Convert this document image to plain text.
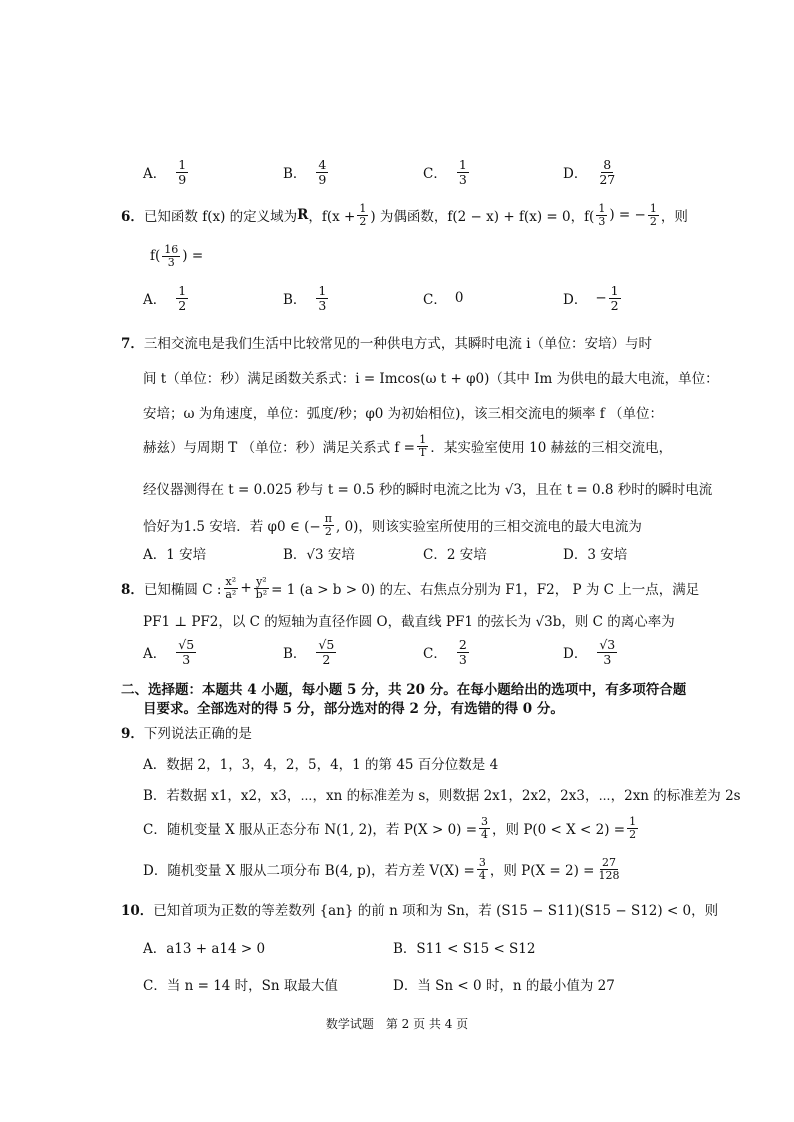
A． $\frac{1}{9}$	B． $\frac{4}{9}$	C． $\frac{1}{3}$	D． $\frac{8}{27}$
6． 已知函数 f(x) 的定义域为 R ，$f(x + \frac{1}{2}$ ) 为偶函数，f(2 − x) + f(x) = 0，$f( \frac{1}{3}$ ) = − $\frac{1}{2}$ ，则
$f( \frac{16}{3}$ ) =
A． $\frac{1}{2}$	B． $\frac{1}{3}$	C． 0	D． − $\frac{1}{2}$
7．三相交流电是我们生活中比较常见的一种供电方式，其瞬时电流 i（单位：安培）与时
间 t（单位：秒）满足函数关系式：i = Imcos(ω t + φ0)（其中 Im 为供电的最大电流，单位：
安培；ω 为角速度，单位：弧度/秒；φ0 为初始相位)，该三相交流电的频率 f （单位：
赫兹）与周期 T （单位：秒）满足关系式 $f = \frac{1}{T}$ ．某实验室使用 10 赫兹的三相交流电，
经仪器测得在 t = 0.025 秒与 t = 0.5 秒的瞬时电流之比为 √3，且在 t = 0.8 秒时的瞬时电流
恰好为1.5 安培．若 φ0 ∈ (− $\frac{\pi}{2}$ , 0)，则该实验室所使用的三相交流电的最大电流为
A．1 安培	B．√3 安培	C．2 安培	D．3 安培
8． 已知椭圆 C : $\frac{\text{x²}}{\text{a²}} + \frac{\text{y²}}{\text{b²}} = 1$ (a > b > 0) 的左、右焦点分别为 F1，F2， P 为 C 上一点，满足
PF1 ⊥ PF2，以 C 的短轴为直径作圆 O，截直线 PF1 的弦长为 √3b，则 C 的离心率为
A． $\frac{√5}{3}$	B． $\frac{√5}{2}$	C． $\frac{2}{3}$	D． $\frac{√3}{3}$
二、选择题：本题共 4 小题，每小题 5 分，共 20 分。在每小题给出的选项中，有多项符合题
目要求。全部选对的得 5 分，部分选对的得 2 分，有选错的得 0 分。
9．下列说法正确的是
A．数据 2，1，3，4，2，5，4，1 的第 45 百分位数是 4
B．若数据 x1，x2，x3，⋯，xn 的标准差为 s，则数据 2x1，2x2，2x3，⋯，2xn 的标准差为 2s
C．随机变量 X 服从正态分布 N(1, 2)，若 $P(X > 0) = \frac{3}{4}$ ，则 $P(0 < X < 2) = \frac{1}{2}$
D．随机变量 X 服从二项分布 B(4, p)，若方差 $V(X) = \frac{3}{4}$ ，则 $P(X = 2) = \frac{27}{128}$
10．已知首项为正数的等差数列 {an} 的前 n 项和为 Sn，若 (S15 − S11)(S15 − S12) < 0，则
A．a13 + a14 > 0	B．S11 < S15 < S12
C．当 n = 14 时，Sn 取最大值	D．当 Sn < 0 时，n 的最小值为 27
数学试题　第 2 页 共 4 页
